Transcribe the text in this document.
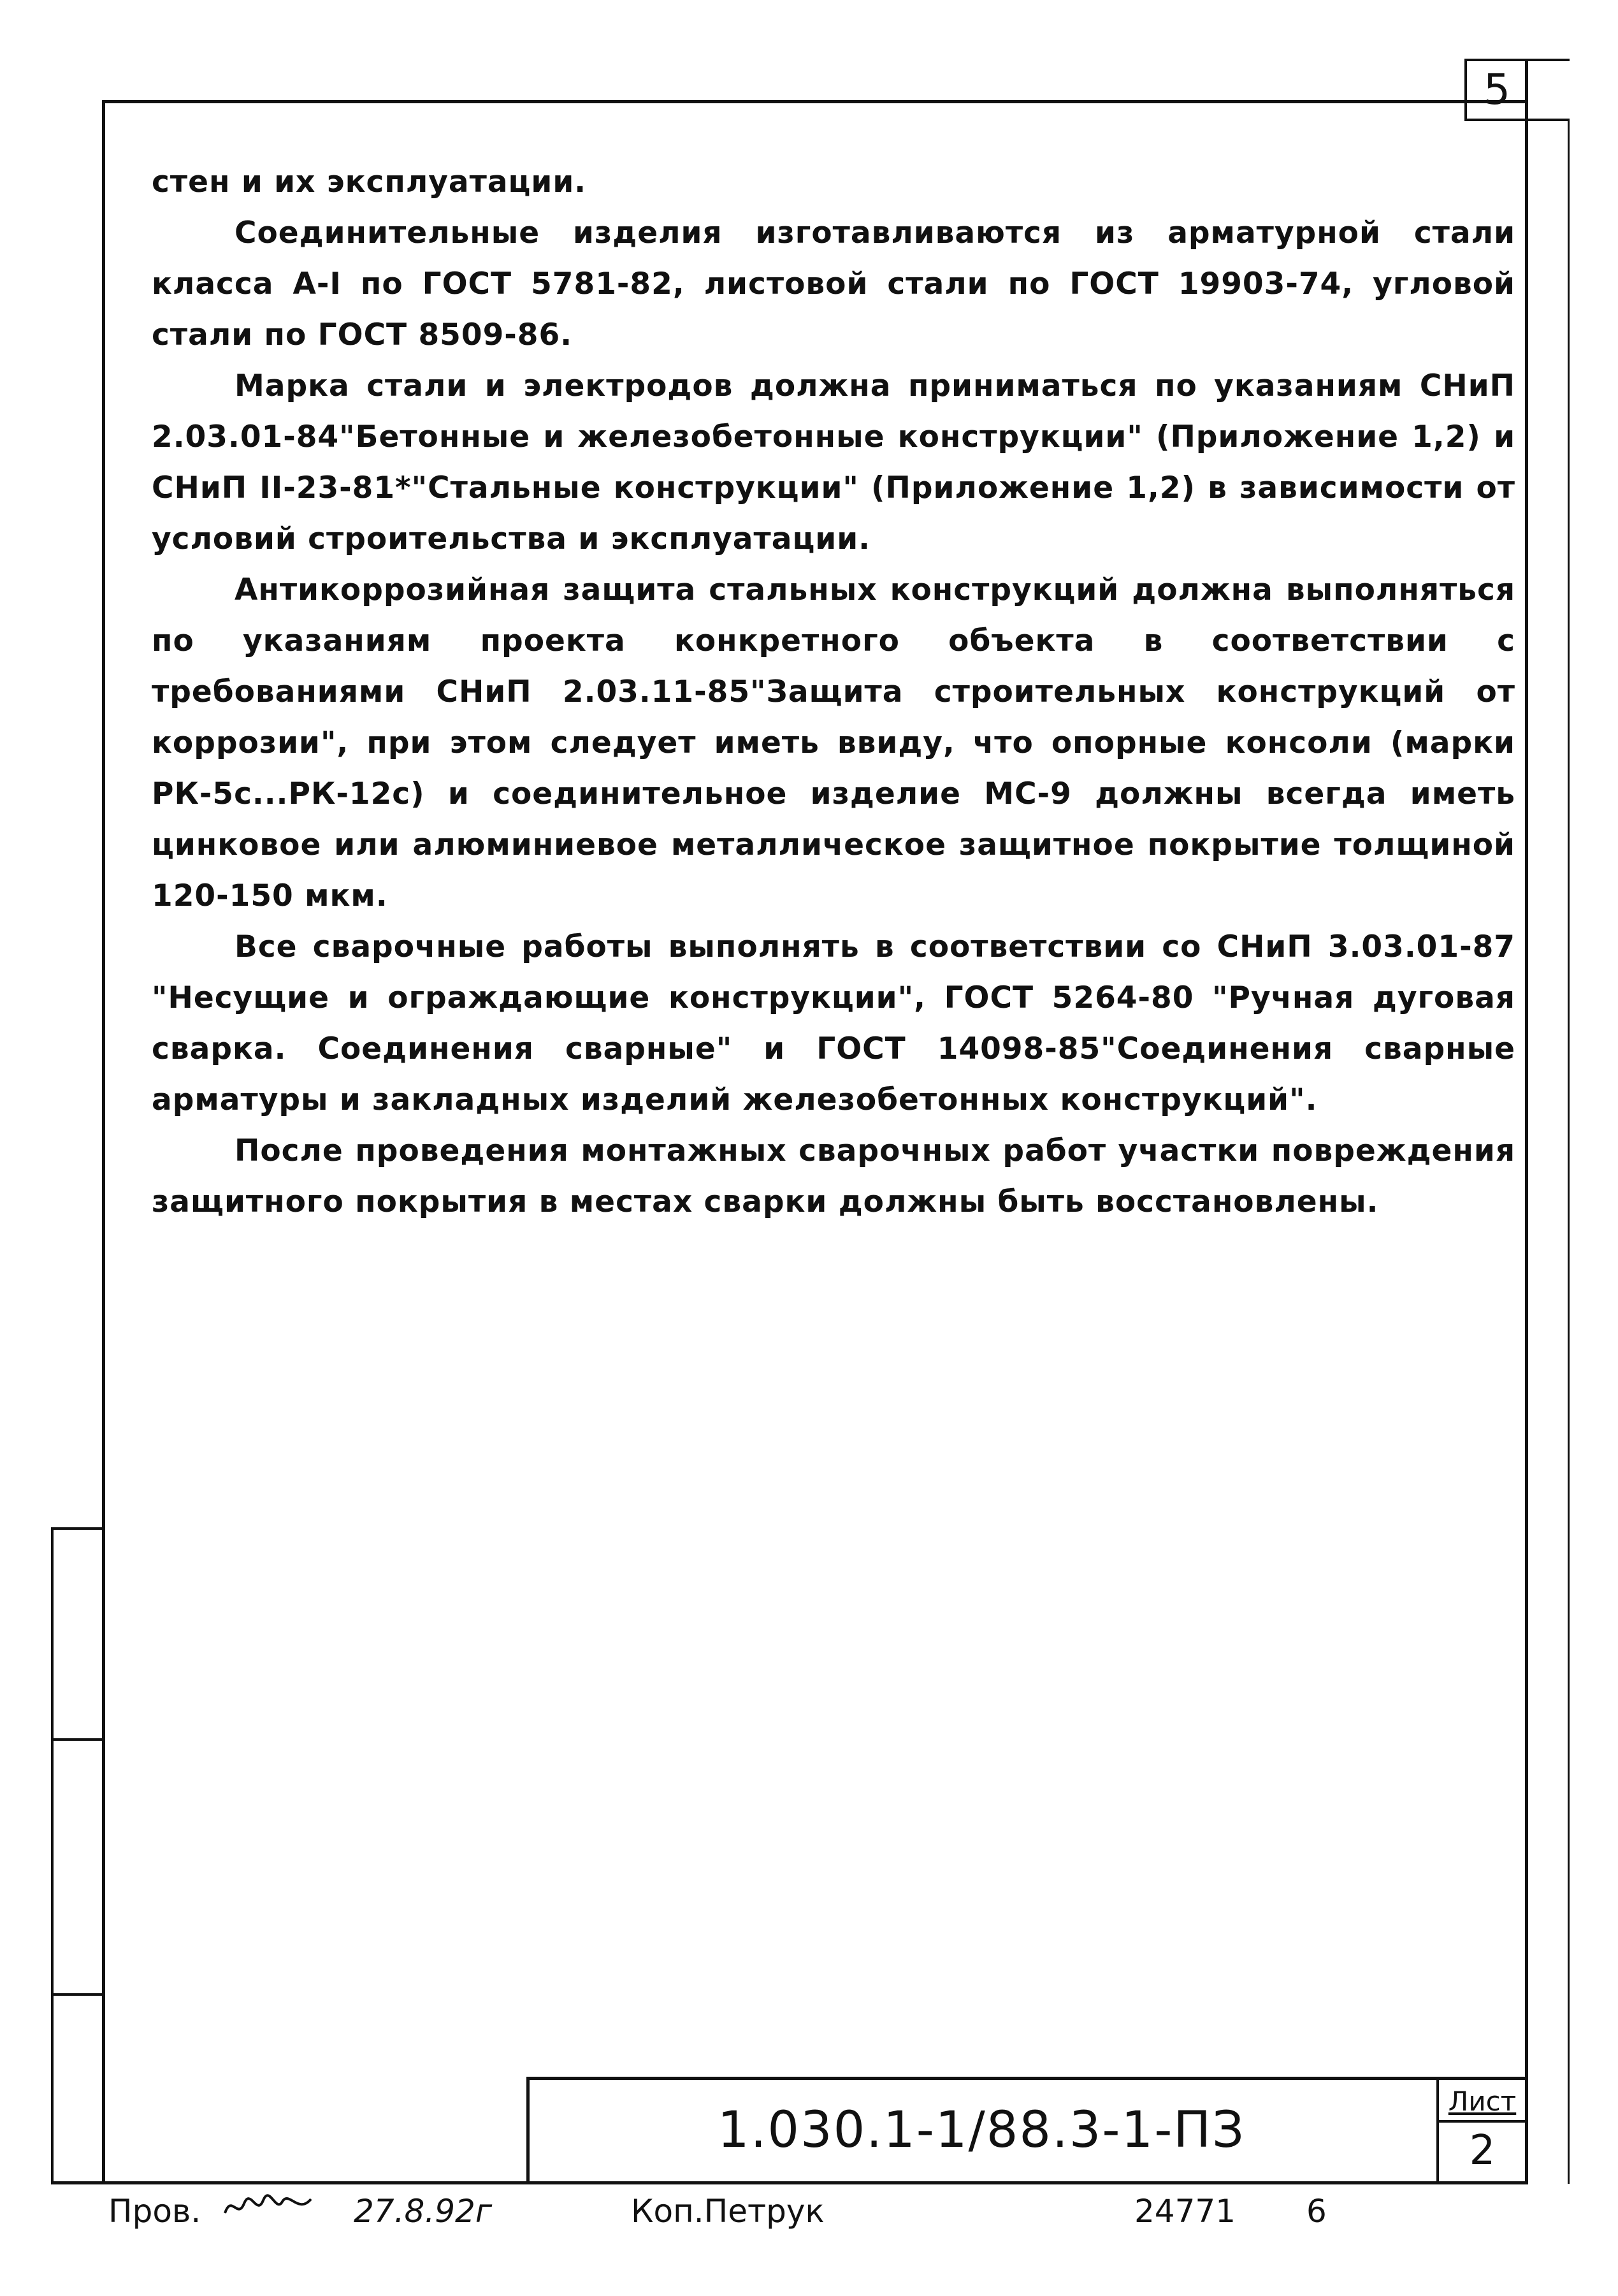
5

стен и их эксплуатации.

Соединительные изделия изготавливаются из арматурной стали класса А-I по ГОСТ 5781-82, листовой стали по ГОСТ 19903-74, угловой стали по ГОСТ 8509-86.

Марка стали и электродов должна приниматься по указаниям СНиП 2.03.01-84"Бетонные и железобетонные конструкции" (Приложение 1,2) и СНиП II-23-81*"Стальные конструкции" (Приложение 1,2) в зависимости от условий строительства и эксплуатации.

Антикоррозийная защита стальных конструкций должна выполняться по указаниям проекта конкретного объекта в соответствии с требованиями СНиП 2.03.11-85"Защита строительных конструкций от коррозии", при этом следует иметь ввиду, что опорные консоли (марки РК-5с...РК-12с) и соединительное изделие МС-9 должны всегда иметь цинковое или алюминиевое металлическое защитное покрытие толщиной 120-150 мкм.

Все сварочные работы выполнять в соответствии со СНиП 3.03.01-87 "Несущие и ограждающие конструкции", ГОСТ 5264-80 "Ручная дуговая сварка. Соединения сварные" и ГОСТ 14098-85"Соединения сварные арматуры и закладных изделий железобетонных конструкций".

После проведения монтажных сварочных работ участки повреждения защитного покрытия в местах сварки должны быть восстановлены.

1.030.1-1/88.3-1-ПЗ
Лист
2
Пров.	27.8.92г	Коп.Петрук	24771 6
